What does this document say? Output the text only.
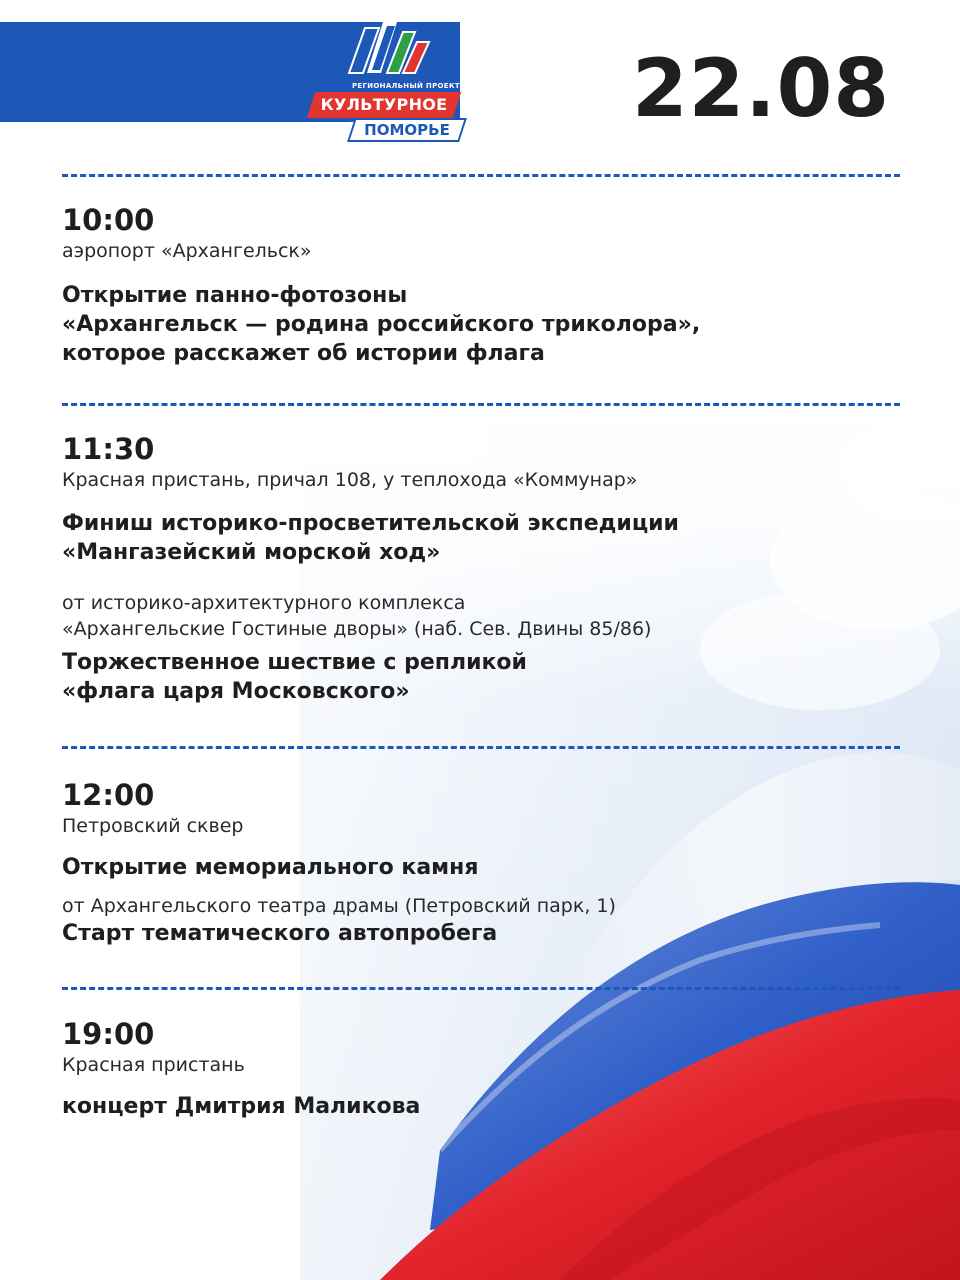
РЕГИОНАЛЬНЫЙ ПРОЕКТ
КУЛЬТУРНОЕ
ПОМОРЬЕ 22.08

10:00

аэропорт «Архангельск»

Открытие панно-фотозоны
«Архангельск — родина российского триколора»,
которое расскажет об истории флага

11:30

Красная пристань, причал 108, у теплохода «Коммунар»

Финиш историко-просветительской экспедиции
«Мангазейский морской ход»

от историко-архитектурного комплекса
«Архангельские Гостиные дворы» (наб. Сев. Двины 85/86)

Торжественное шествие с репликой
«флага царя Московского»

12:00

Петровский сквер

Открытие мемориального камня

от Архангельского театра драмы (Петровский парк, 1)

Старт тематического автопробега

19:00

Красная пристань

концерт Дмитрия Маликова
